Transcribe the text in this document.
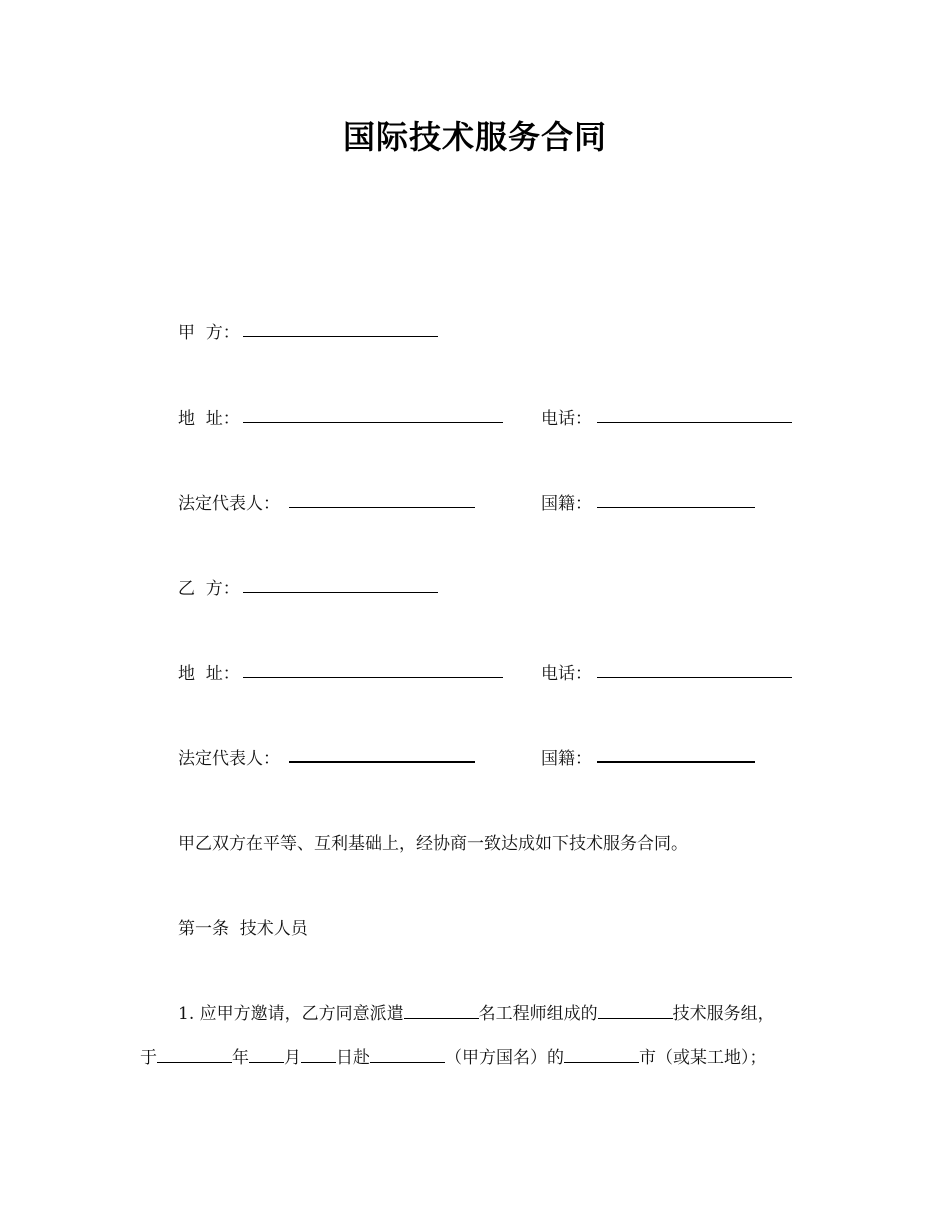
国际技术服务合同
甲  方：
地  址：	电话：
法定代表人：	国籍：
乙  方：
地  址：	电话：
法定代表人：	国籍：
甲乙双方在平等、互利基础上，经协商一致达成如下技术服务合同。
第一条  技术人员
1. 应甲方邀请，乙方同意派遣	名工程师组成的	技术服务组，
于	年 月 日赴	（甲方国名）的	市（或某工地）；
